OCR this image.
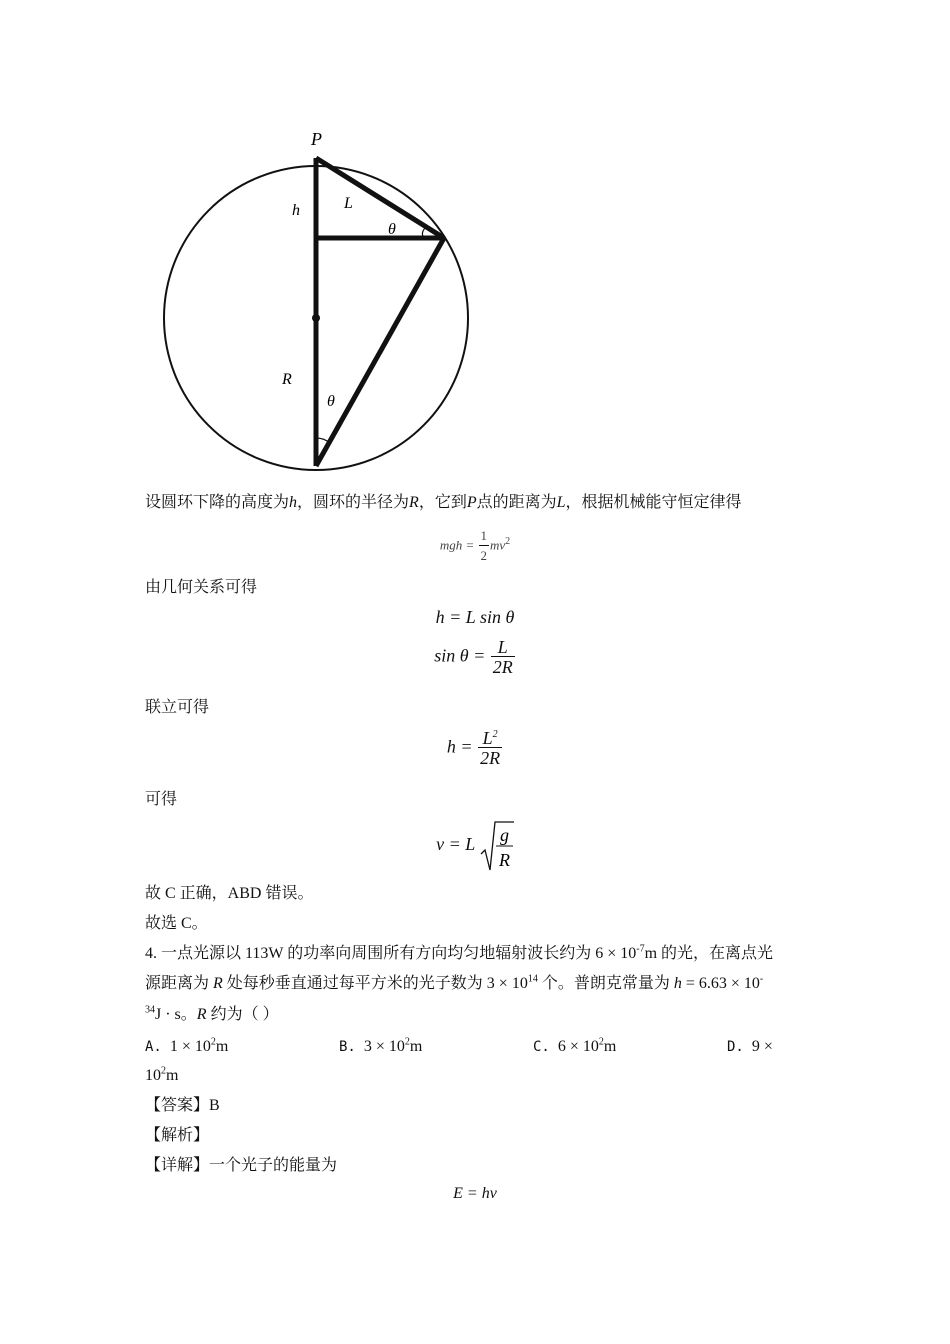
P
h	L
θ
R
θ
设圆环下降的高度为h，圆环的半径为R，它到P点的距离为L，根据机械能守恒定律得
mgh = $\frac{1}{2} mv^2$
由几何关系可得
h = L sin θ
$\sin \theta = \frac{L}{2R}$
联立可得
$h = \frac{L^2}{2R}$
可得
v = L g
R
故 C 正确，ABD 错误。
故选 C。
4. 一点光源以 113W 的功率向周围所有方向均匀地辐射波长约为 $6 \times 10^{-7}m$ 的光，在离点光
源距离为 R 处每秒垂直通过每平方米的光子数为 $3 \times 10^{14}$ 个。普朗克常量为 h = 6.63 × 10-
$^{34}$J · s。R 约为（ ）
A. $1 \times 10^2m$	B. $3 \times 10^2m$	C. $6 \times 10^2m$	D. 9 ×
$10^2m$
【答案】B
【解析】
【详解】一个光子的能量为
E = hν
